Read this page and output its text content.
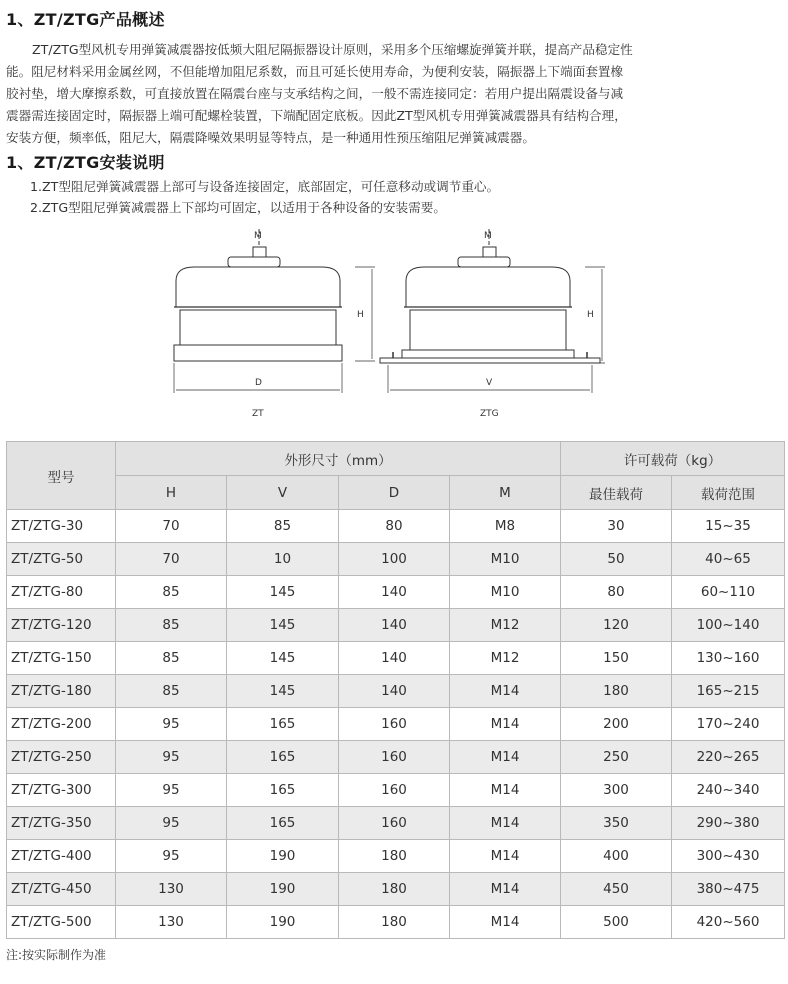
1、ZT/ZTG产品概述
ZT/ZTG型风机专用弹簧减震器按低频大阻尼隔振器设计原则，采用多个压缩螺旋弹簧并联，提高产品稳定性
能。阻尼材料采用金属丝网，不但能增加阻尼系数，而且可延长使用寿命，为便利安装，隔振器上下端面套置橡
胶衬垫，增大摩擦系数，可直接放置在隔震台座与支承结构之间，一般不需连接同定：若用户提出隔震设备与减
震器需连接固定时，隔振器上端可配螺栓装置，下端配固定底板。因此ZT型风机专用弹簧减震器具有结构合理，
安装方便，频率低，阻尼大，隔震降噪效果明显等特点，是一种通用性预压缩阻尼弹簧减震器。
1、ZT/ZTG安装说明
1.ZT型阻尼弹簧减震器上部可与设备连接固定，底部固定，可任意移动或调节重心。
2.ZTG型阻尼弹簧减震器上下部均可固定，以适用于各种设备的安装需要。
M
H
D
ZT
M
H
V
ZTG
型号	外形尺寸（mm）				许可载荷（kg）	
	H	V	D	M	最佳载荷	载荷范围
ZT/ZTG-30	70	85	80	M8	30	15~35
ZT/ZTG-50	70	10	100	M10	50	40~65
ZT/ZTG-80	85	145	140	M10	80	60~110
ZT/ZTG-120	85	145	140	M12	120	100~140
ZT/ZTG-150	85	145	140	M12	150	130~160
ZT/ZTG-180	85	145	140	M14	180	165~215
ZT/ZTG-200	95	165	160	M14	200	170~240
ZT/ZTG-250	95	165	160	M14	250	220~265
ZT/ZTG-300	95	165	160	M14	300	240~340
ZT/ZTG-350	95	165	160	M14	350	290~380
ZT/ZTG-400	95	190	180	M14	400	300~430
ZT/ZTG-450	130	190	180	M14	450	380~475
ZT/ZTG-500	130	190	180	M14	500	420~560
注:按实际制作为准
